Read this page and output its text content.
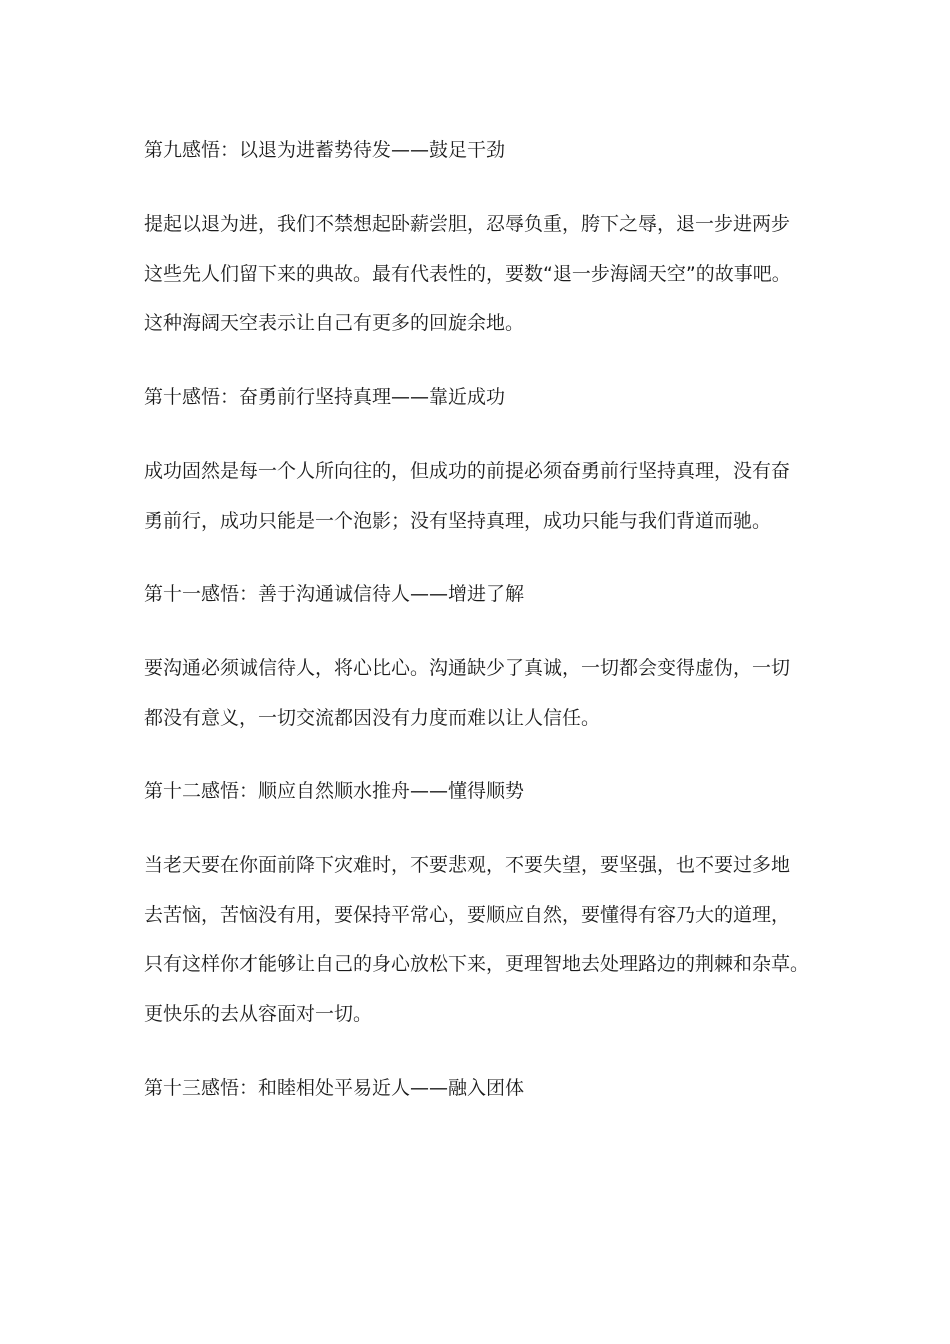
第九感悟：以退为进蓄势待发——鼓足干劲
提起以退为进，我们不禁想起卧薪尝胆，忍辱负重，胯下之辱，退一步进两步
这些先人们留下来的典故。最有代表性的，要数“退一步海阔天空”的故事吧。
这种海阔天空表示让自己有更多的回旋余地。
第十感悟：奋勇前行坚持真理——靠近成功
成功固然是每一个人所向往的，但成功的前提必须奋勇前行坚持真理，没有奋
勇前行，成功只能是一个泡影；没有坚持真理，成功只能与我们背道而驰。
第十一感悟：善于沟通诚信待人——增进了解
要沟通必须诚信待人，将心比心。沟通缺少了真诚，一切都会变得虚伪，一切
都没有意义，一切交流都因没有力度而难以让人信任。
第十二感悟：顺应自然顺水推舟——懂得顺势
当老天要在你面前降下灾难时，不要悲观，不要失望，要坚强，也不要过多地
去苦恼，苦恼没有用，要保持平常心，要顺应自然，要懂得有容乃大的道理，
只有这样你才能够让自己的身心放松下来，更理智地去处理路边的荆棘和杂草。
更快乐的去从容面对一切。
第十三感悟：和睦相处平易近人——融入团体
